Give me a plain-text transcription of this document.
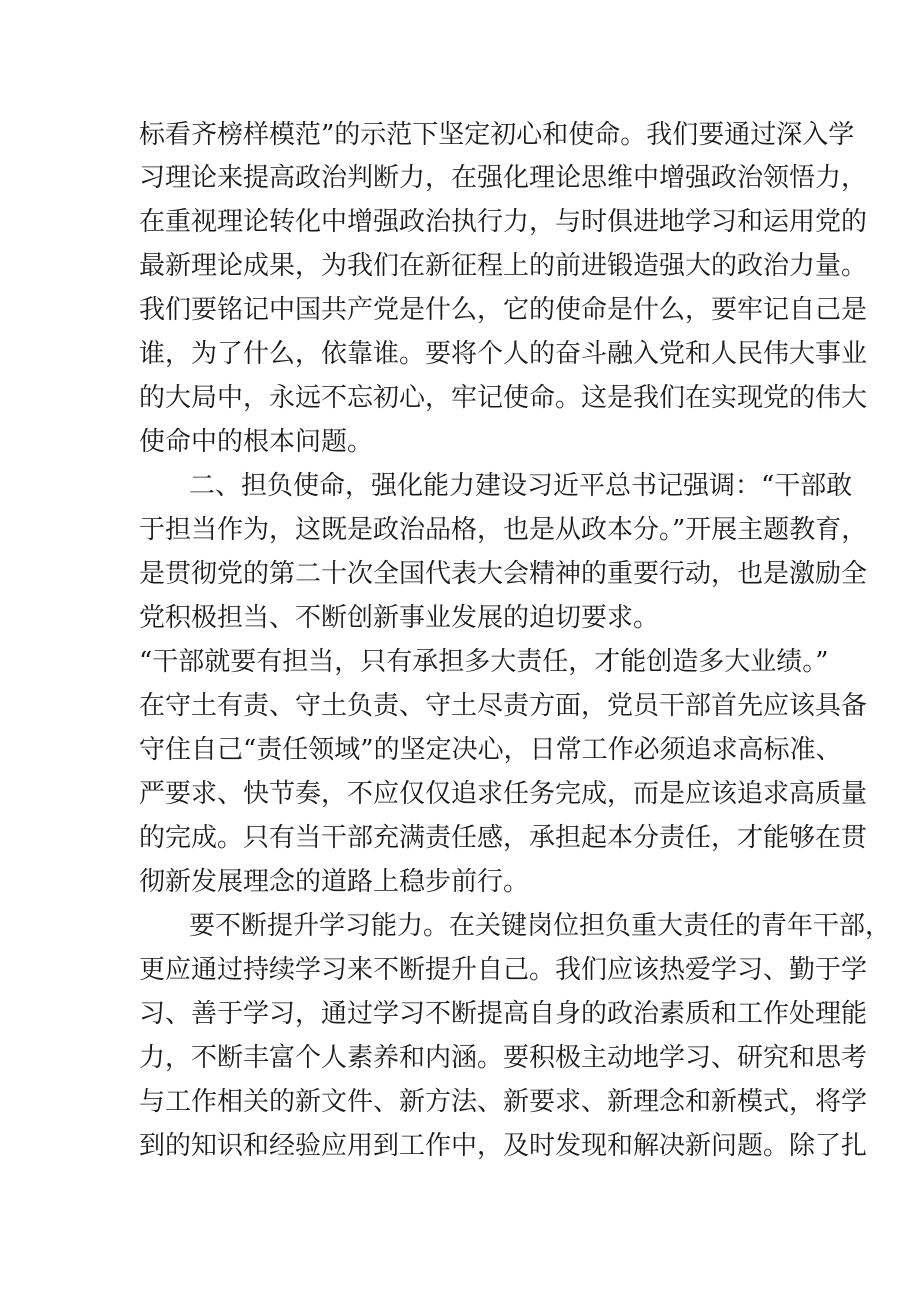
标看齐榜样模范”的示范下坚定初心和使命。我们要通过深入学
习理论来提高政治判断力，在强化理论思维中增强政治领悟力，
在重视理论转化中增强政治执行力，与时俱进地学习和运用党的
最新理论成果，为我们在新征程上的前进锻造强大的政治力量。
我们要铭记中国共产党是什么，它的使命是什么，要牢记自己是
谁，为了什么，依靠谁。要将个人的奋斗融入党和人民伟大事业
的大局中，永远不忘初心，牢记使命。这是我们在实现党的伟大
使命中的根本问题。
二、担负使命，强化能力建设习近平总书记强调：“干部敢
于担当作为，这既是政治品格，也是从政本分。”开展主题教育，
是贯彻党的第二十次全国代表大会精神的重要行动，也是激励全
党积极担当、不断创新事业发展的迫切要求。
“干部就要有担当，只有承担多大责任，才能创造多大业绩。”
在守土有责、守土负责、守土尽责方面，党员干部首先应该具备
守住自己“责任领域”的坚定决心，日常工作必须追求高标准、
严要求、快节奏，不应仅仅追求任务完成，而是应该追求高质量
的完成。只有当干部充满责任感，承担起本分责任，才能够在贯
彻新发展理念的道路上稳步前行。
要不断提升学习能力。在关键岗位担负重大责任的青年干部，
更应通过持续学习来不断提升自己。我们应该热爱学习、勤于学
习、善于学习，通过学习不断提高自身的政治素质和工作处理能
力，不断丰富个人素养和内涵。要积极主动地学习、研究和思考
与工作相关的新文件、新方法、新要求、新理念和新模式，将学
到的知识和经验应用到工作中，及时发现和解决新问题。除了扎
